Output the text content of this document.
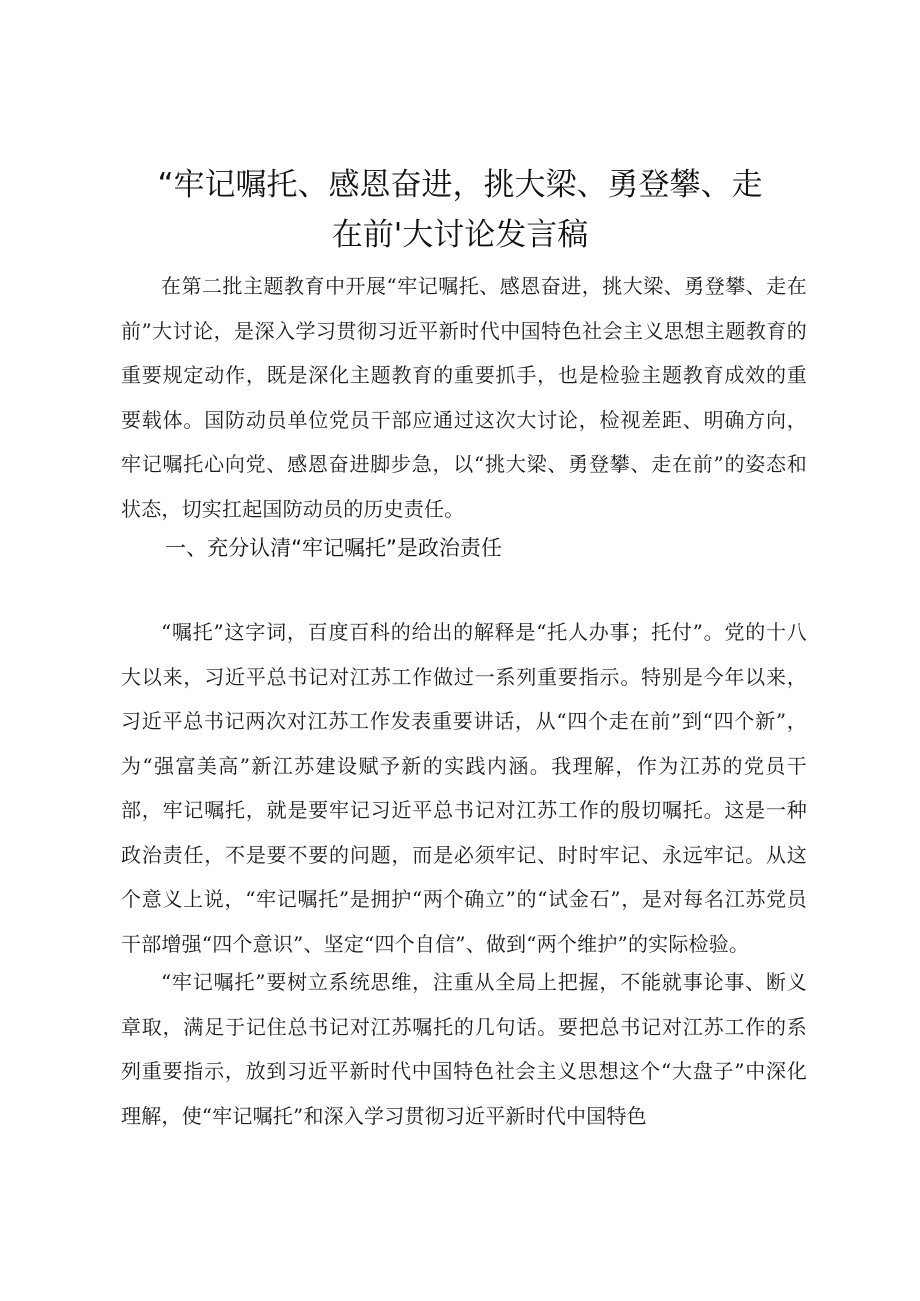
“牢记嘱托、感恩奋进，挑大梁、勇登攀、走
在前'大讨论发言稿

在第二批主题教育中开展“牢记嘱托、感恩奋进，挑大梁、勇登攀、走在前”大讨论，是深入学习贯彻习近平新时代中国特色社会主义思想主题教育的重要规定动作，既是深化主题教育的重要抓手，也是检验主题教育成效的重要载体。国防动员单位党员干部应通过这次大讨论，检视差距、明确方向，牢记嘱托心向党、感恩奋进脚步急，以“挑大梁、勇登攀、走在前”的姿态和状态，切实扛起国防动员的历史责任。

一、充分认清“牢记嘱托”是政治责任

“嘱托”这字词，百度百科的给出的解释是“托人办事；托付”。党的十八大以来，习近平总书记对江苏工作做过一系列重要指示。特别是今年以来，习近平总书记两次对江苏工作发表重要讲话，从“四个走在前”到“四个新”，为“强富美高”新江苏建设赋予新的实践内涵。我理解，作为江苏的党员干部，牢记嘱托，就是要牢记习近平总书记对江苏工作的殷切嘱托。这是一种政治责任，不是要不要的问题，而是必须牢记、时时牢记、永远牢记。从这个意义上说，“牢记嘱托”是拥护“两个确立”的“试金石”，是对每名江苏党员干部增强“四个意识”、坚定“四个自信”、做到“两个维护”的实际检验。

“牢记嘱托”要树立系统思维，注重从全局上把握，不能就事论事、断义章取，满足于记住总书记对江苏嘱托的几句话。要把总书记对江苏工作的系列重要指示，放到习近平新时代中国特色社会主义思想这个“大盘子”中深化理解，使“牢记嘱托”和深入学习贯彻习近平新时代中国特色
